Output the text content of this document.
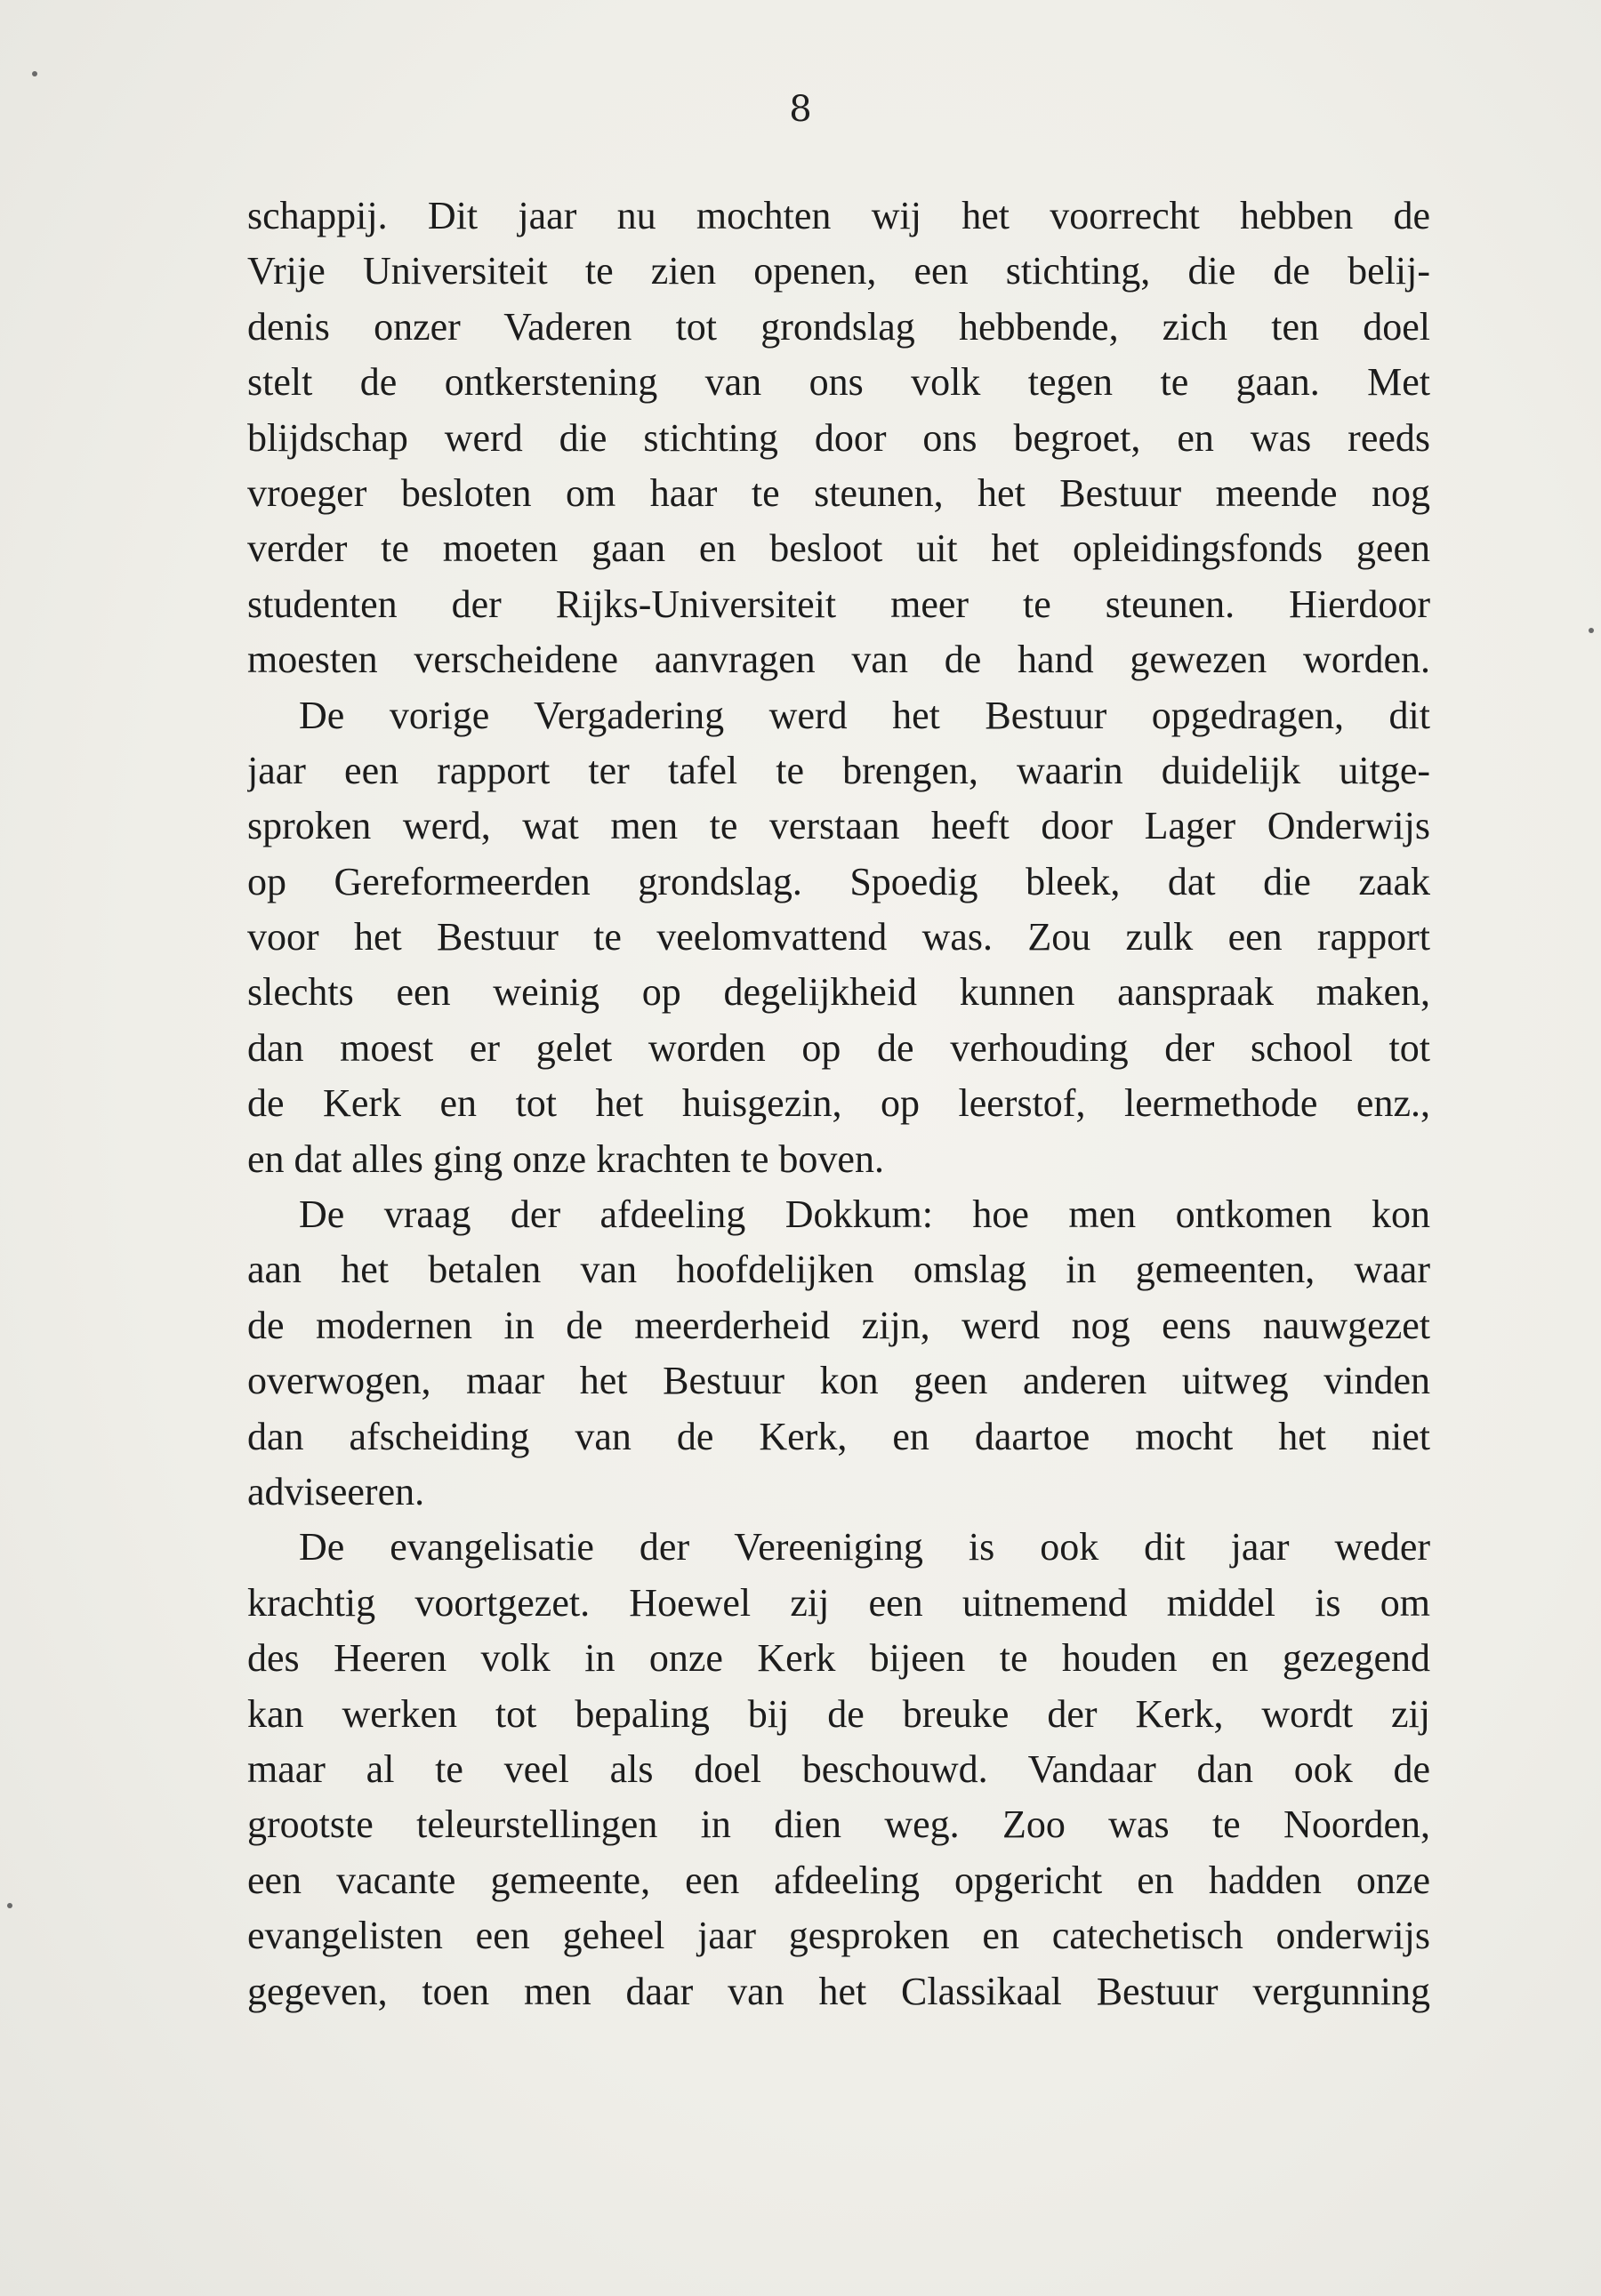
8
schappij. Dit jaar nu mochten wij het voorrecht hebben de
Vrije Universiteit te zien openen, een stichting, die de belij-
denis onzer Vaderen tot grondslag hebbende, zich ten doel
stelt de ontkerstening van ons volk tegen te gaan. Met
blijdschap werd die stichting door ons begroet, en was reeds
vroeger besloten om haar te steunen, het Bestuur meende nog
verder te moeten gaan en besloot uit het opleidingsfonds geen
studenten der Rijks-Universiteit meer te steunen. Hierdoor
moesten verscheidene aanvragen van de hand gewezen worden.
De vorige Vergadering werd het Bestuur opgedragen, dit
jaar een rapport ter tafel te brengen, waarin duidelijk uitge-
sproken werd, wat men te verstaan heeft door Lager Onderwijs
op Gereformeerden grondslag. Spoedig bleek, dat die zaak
voor het Bestuur te veelomvattend was. Zou zulk een rapport
slechts een weinig op degelijkheid kunnen aanspraak maken,
dan moest er gelet worden op de verhouding der school tot
de Kerk en tot het huisgezin, op leerstof, leermethode enz.,
en dat alles ging onze krachten te boven.
De vraag der afdeeling Dokkum: hoe men ontkomen kon
aan het betalen van hoofdelijken omslag in gemeenten, waar
de modernen in de meerderheid zijn, werd nog eens nauwgezet
overwogen, maar het Bestuur kon geen anderen uitweg vinden
dan afscheiding van de Kerk, en daartoe mocht het niet
adviseeren.
De evangelisatie der Vereeniging is ook dit jaar weder
krachtig voortgezet. Hoewel zij een uitnemend middel is om
des Heeren volk in onze Kerk bijeen te houden en gezegend
kan werken tot bepaling bij de breuke der Kerk, wordt zij
maar al te veel als doel beschouwd. Vandaar dan ook de
grootste teleurstellingen in dien weg. Zoo was te Noorden,
een vacante gemeente, een afdeeling opgericht en hadden onze
evangelisten een geheel jaar gesproken en catechetisch onderwijs
gegeven, toen men daar van het Classikaal Bestuur vergunning
